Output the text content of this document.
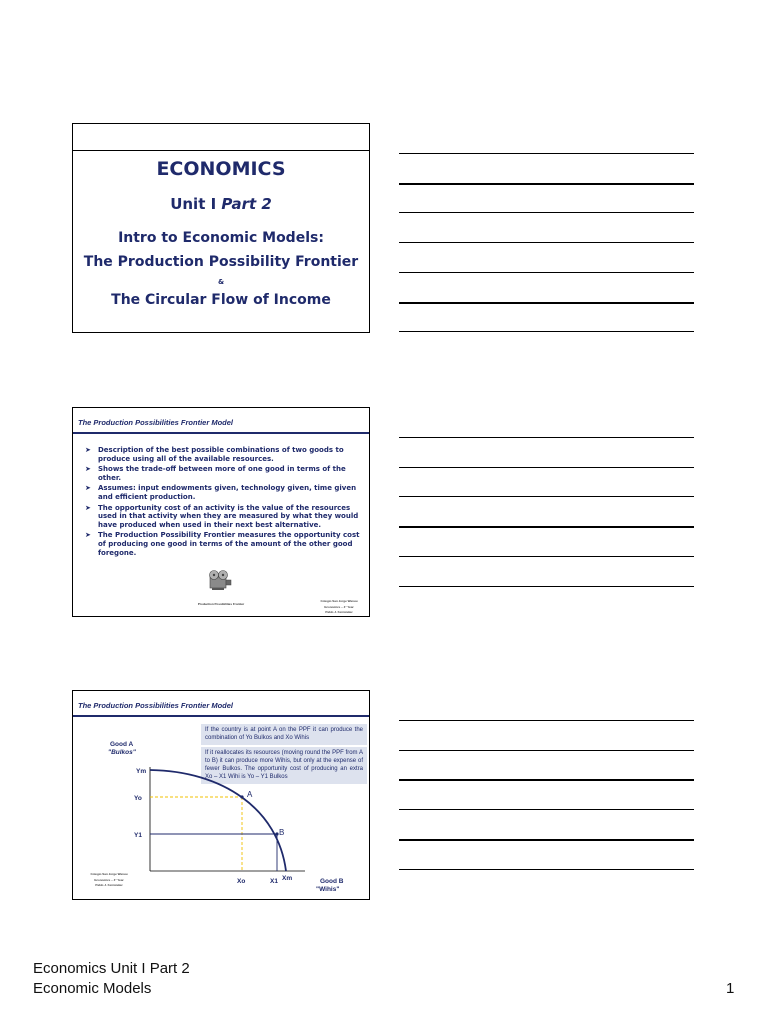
ECONOMICS
Unit I Part 2
Intro to Economic Models:
The Production Possibility Frontier
&
The Circular Flow of Income
The Production Possibilities Frontier Model
➤ Description of the best possible combinations of two goods to produce using all of the available resources.
➤ Shows the trade-off between more of one good in terms of the other.
➤ Assumes: input endowments given, technology given, time given and efficient production.
➤ The opportunity cost of an activity is the value of the resources used in that activity when they are measured by what they would have produced when used in their next best alternative.
➤ The Production Possibility Frontier measures the opportunity cost of producing one good in terms of the amount of the other good foregone.
Production Possibilities Frontier
Colegio San Jorge Wanuu
Economics – 4° Year
Pablo J. Fernández
The Production Possibilities Frontier Model
If the country is at point A on the PPF it can produce the combination of Yo Bulkos and Xo Wihis
If it reallocates its resources (moving round the PPF from A to B) it can produce more Wihis, but only at the expense of fewer Bulkos. The opportunity cost of producing an extra Xo – X1 Wihi is Yo – Y1 Bulkos
Good A
"Bulkos"
Good B
"Wihis"
Ym
Yo
Y1
Xo	X1 Xm
A
B
Colegio San Jorge Wanuu
Economics – 4° Year
Pablo J. Fernández
Economics Unit I Part 2
Economic Models	1
